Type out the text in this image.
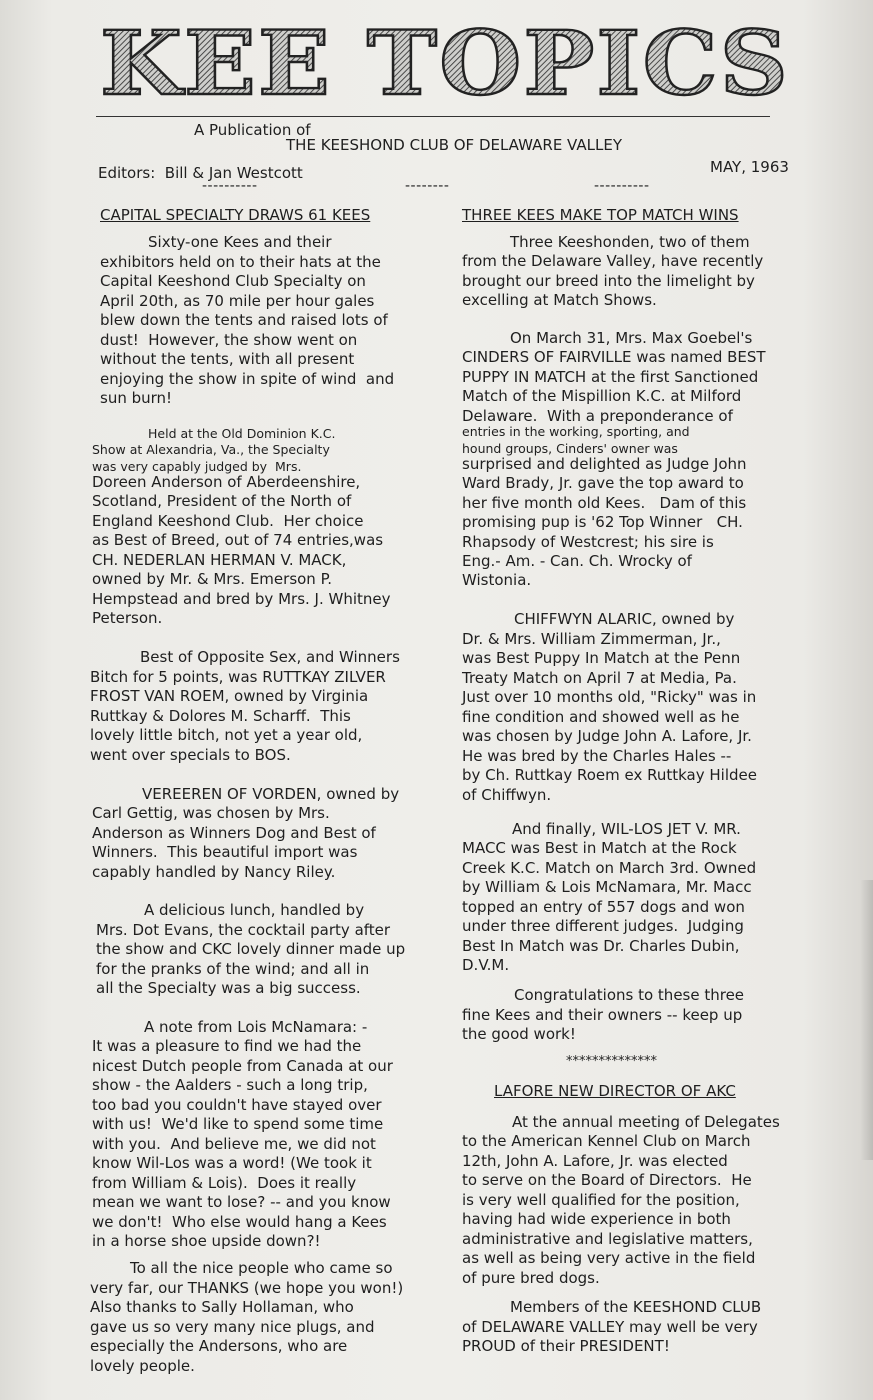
KEE TOPICS
A Publication of
THE KEESHOND CLUB OF DELAWARE VALLEY
Editors:  Bill & Jan Westcott	MAY, 1963
----------	--------	----------
CAPITAL SPECIALTY DRAWS 61 KEES
Sixty-one Kees and their
exhibitors held on to their hats at the
Capital Keeshond Club Specialty on
April 20th, as 70 mile per hour gales
blew down the tents and raised lots of
dust!  However, the show went on
without the tents, with all present
enjoying the show in spite of wind  and
sun burn!
Held at the Old Dominion K.C.
Show at Alexandria, Va., the Specialty
was very capably judged by  Mrs.
Doreen Anderson of Aberdeenshire,
Scotland, President of the North of
England Keeshond Club.  Her choice
as Best of Breed, out of 74 entries,was
CH. NEDERLAN HERMAN V. MACK,
owned by Mr. & Mrs. Emerson P.
Hempstead and bred by Mrs. J. Whitney
Peterson.
Best of Opposite Sex, and Winners
Bitch for 5 points, was RUTTKAY ZILVER
FROST VAN ROEM, owned by Virginia
Ruttkay & Dolores M. Scharff.  This
lovely little bitch, not yet a year old,
went over specials to BOS.
VEREEREN OF VORDEN, owned by
Carl Gettig, was chosen by Mrs.
Anderson as Winners Dog and Best of
Winners.  This beautiful import was
capably handled by Nancy Riley.
A delicious lunch, handled by
Mrs. Dot Evans, the cocktail party after
the show and CKC lovely dinner made up
for the pranks of the wind; and all in
all the Specialty was a big success.
A note from Lois McNamara: -
It was a pleasure to find we had the
nicest Dutch people from Canada at our
show - the Aalders - such a long trip,
too bad you couldn't have stayed over
with us!  We'd like to spend some time
with you.  And believe me, we did not
know Wil-Los was a word! (We took it
from William & Lois).  Does it really
mean we want to lose? -- and you know
we don't!  Who else would hang a Kees
in a horse shoe upside down?!
To all the nice people who came so
very far, our THANKS (we hope you won!)
Also thanks to Sally Hollaman, who
gave us so very many nice plugs, and
especially the Andersons, who are
lovely people.
THREE KEES MAKE TOP MATCH WINS
Three Keeshonden, two of them
from the Delaware Valley, have recently
brought our breed into the limelight by
excelling at Match Shows.
On March 31, Mrs. Max Goebel's
CINDERS OF FAIRVILLE was named BEST
PUPPY IN MATCH at the first Sanctioned
Match of the Mispillion K.C. at Milford
Delaware.  With a preponderance of
entries in the working, sporting, and
hound groups, Cinders' owner was
surprised and delighted as Judge John
Ward Brady, Jr. gave the top award to
her five month old Kees.   Dam of this
promising pup is '62 Top Winner   CH.
Rhapsody of Westcrest; his sire is
Eng.- Am. - Can. Ch. Wrocky of
Wistonia.
CHIFFWYN ALARIC, owned by
Dr. & Mrs. William Zimmerman, Jr.,
was Best Puppy In Match at the Penn
Treaty Match on April 7 at Media, Pa.
Just over 10 months old, "Ricky" was in
fine condition and showed well as he
was chosen by Judge John A. Lafore, Jr.
He was bred by the Charles Hales --
by Ch. Ruttkay Roem ex Ruttkay Hildee
of Chiffwyn.
And finally, WIL-LOS JET V. MR.
MACC was Best in Match at the Rock
Creek K.C. Match on March 3rd. Owned
by William & Lois McNamara, Mr. Macc
topped an entry of 557 dogs and won
under three different judges.  Judging
Best In Match was Dr. Charles Dubin,
D.V.M.
Congratulations to these three
fine Kees and their owners -- keep up
the good work!
**************
LAFORE NEW DIRECTOR OF AKC
At the annual meeting of Delegates
to the American Kennel Club on March
12th, John A. Lafore, Jr. was elected
to serve on the Board of Directors.  He
is very well qualified for the position,
having had wide experience in both
administrative and legislative matters,
as well as being very active in the field
of pure bred dogs.
Members of the KEESHOND CLUB
of DELAWARE VALLEY may well be very
PROUD of their PRESIDENT!
